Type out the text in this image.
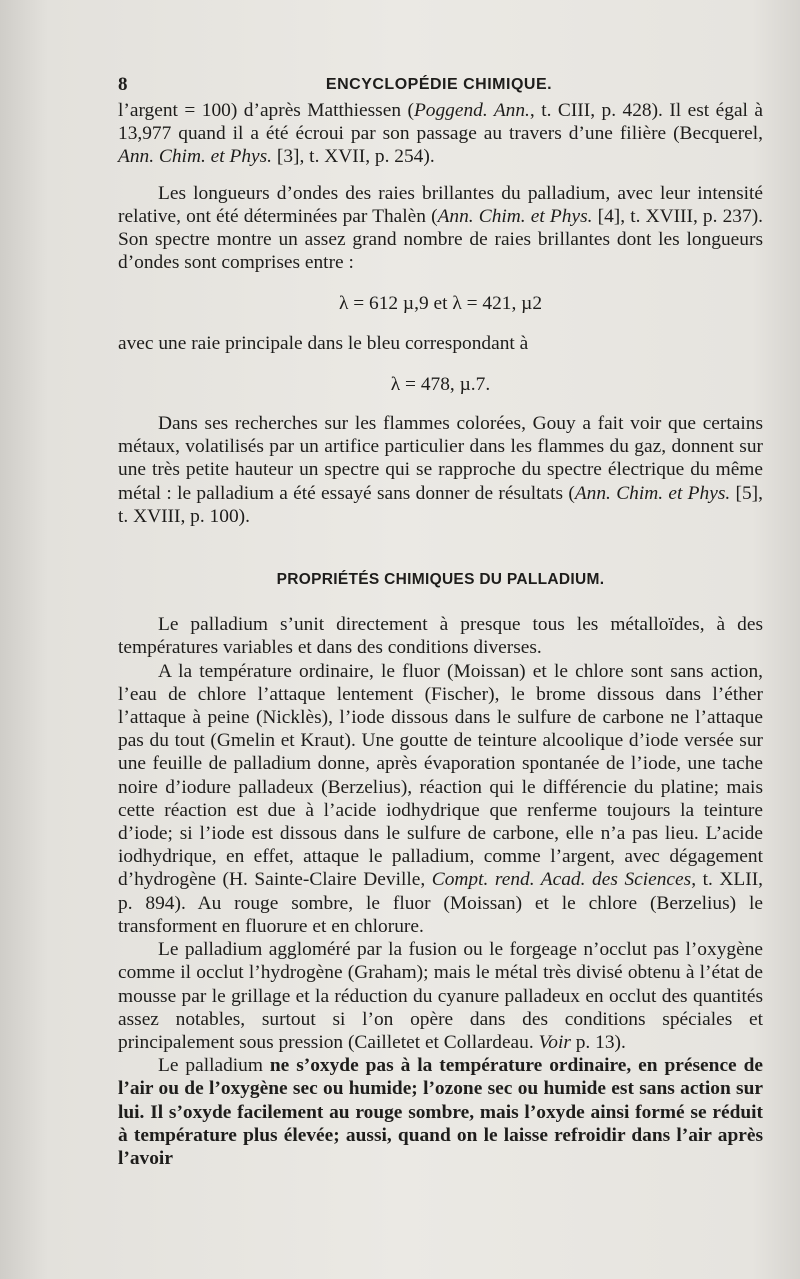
8	ENCYCLOPÉDIE CHIMIQUE.

l’argent = 100) d’après Matthiessen (Poggend. Ann., t. CIII, p. 428). Il est égal à 13,977 quand il a été écroui par son passage au travers d’une filière (Becquerel, Ann. Chim. et Phys. [3], t. XVII, p. 254).

Les longueurs d’ondes des raies brillantes du palladium, avec leur intensité relative, ont été déterminées par Thalèn (Ann. Chim. et Phys. [4], t. XVIII, p. 237). Son spectre montre un assez grand nombre de raies brillantes dont les longueurs d’ondes sont comprises entre :

λ = 612 µ,9 et λ = 421, µ2

avec une raie principale dans le bleu correspondant à

λ = 478, µ.7.

Dans ses recherches sur les flammes colorées, Gouy a fait voir que certains métaux, volatilisés par un artifice particulier dans les flammes du gaz, donnent sur une très petite hauteur un spectre qui se rapproche du spectre électrique du même métal : le palladium a été essayé sans donner de résultats (Ann. Chim. et Phys. [5], t. XVIII, p. 100).

PROPRIÉTÉS CHIMIQUES DU PALLADIUM.

Le palladium s’unit directement à presque tous les métalloïdes, à des températures variables et dans des conditions diverses.

A la température ordinaire, le fluor (Moissan) et le chlore sont sans action, l’eau de chlore l’attaque lentement (Fischer), le brome dissous dans l’éther l’attaque à peine (Nicklès), l’iode dissous dans le sulfure de carbone ne l’attaque pas du tout (Gmelin et Kraut). Une goutte de teinture alcoolique d’iode versée sur une feuille de palladium donne, après évaporation spontanée de l’iode, une tache noire d’iodure palladeux (Berzelius), réaction qui le différencie du platine; mais cette réaction est due à l’acide iodhydrique que renferme toujours la teinture d’iode; si l’iode est dissous dans le sulfure de carbone, elle n’a pas lieu. L’acide iodhydrique, en effet, attaque le palladium, comme l’argent, avec dégagement d’hydrogène (H. Sainte-Claire Deville, Compt. rend. Acad. des Sciences, t. XLII, p. 894). Au rouge sombre, le fluor (Moissan) et le chlore (Berzelius) le transforment en fluorure et en chlorure.

Le palladium aggloméré par la fusion ou le forgeage n’occlut pas l’oxygène comme il occlut l’hydrogène (Graham); mais le métal très divisé obtenu à l’état de mousse par le grillage et la réduction du cyanure palladeux en occlut des quantités assez notables, surtout si l’on opère dans des conditions spéciales et principalement sous pression (Cailletet et Collardeau. Voir p. 13).

Le palladium ne s’oxyde pas à la température ordinaire, en présence de l’air ou de l’oxygène sec ou humide; l’ozone sec ou humide est sans action sur lui. Il s’oxyde facilement au rouge sombre, mais l’oxyde ainsi formé se réduit à température plus élevée; aussi, quand on le laisse refroidir dans l’air après l’avoir
